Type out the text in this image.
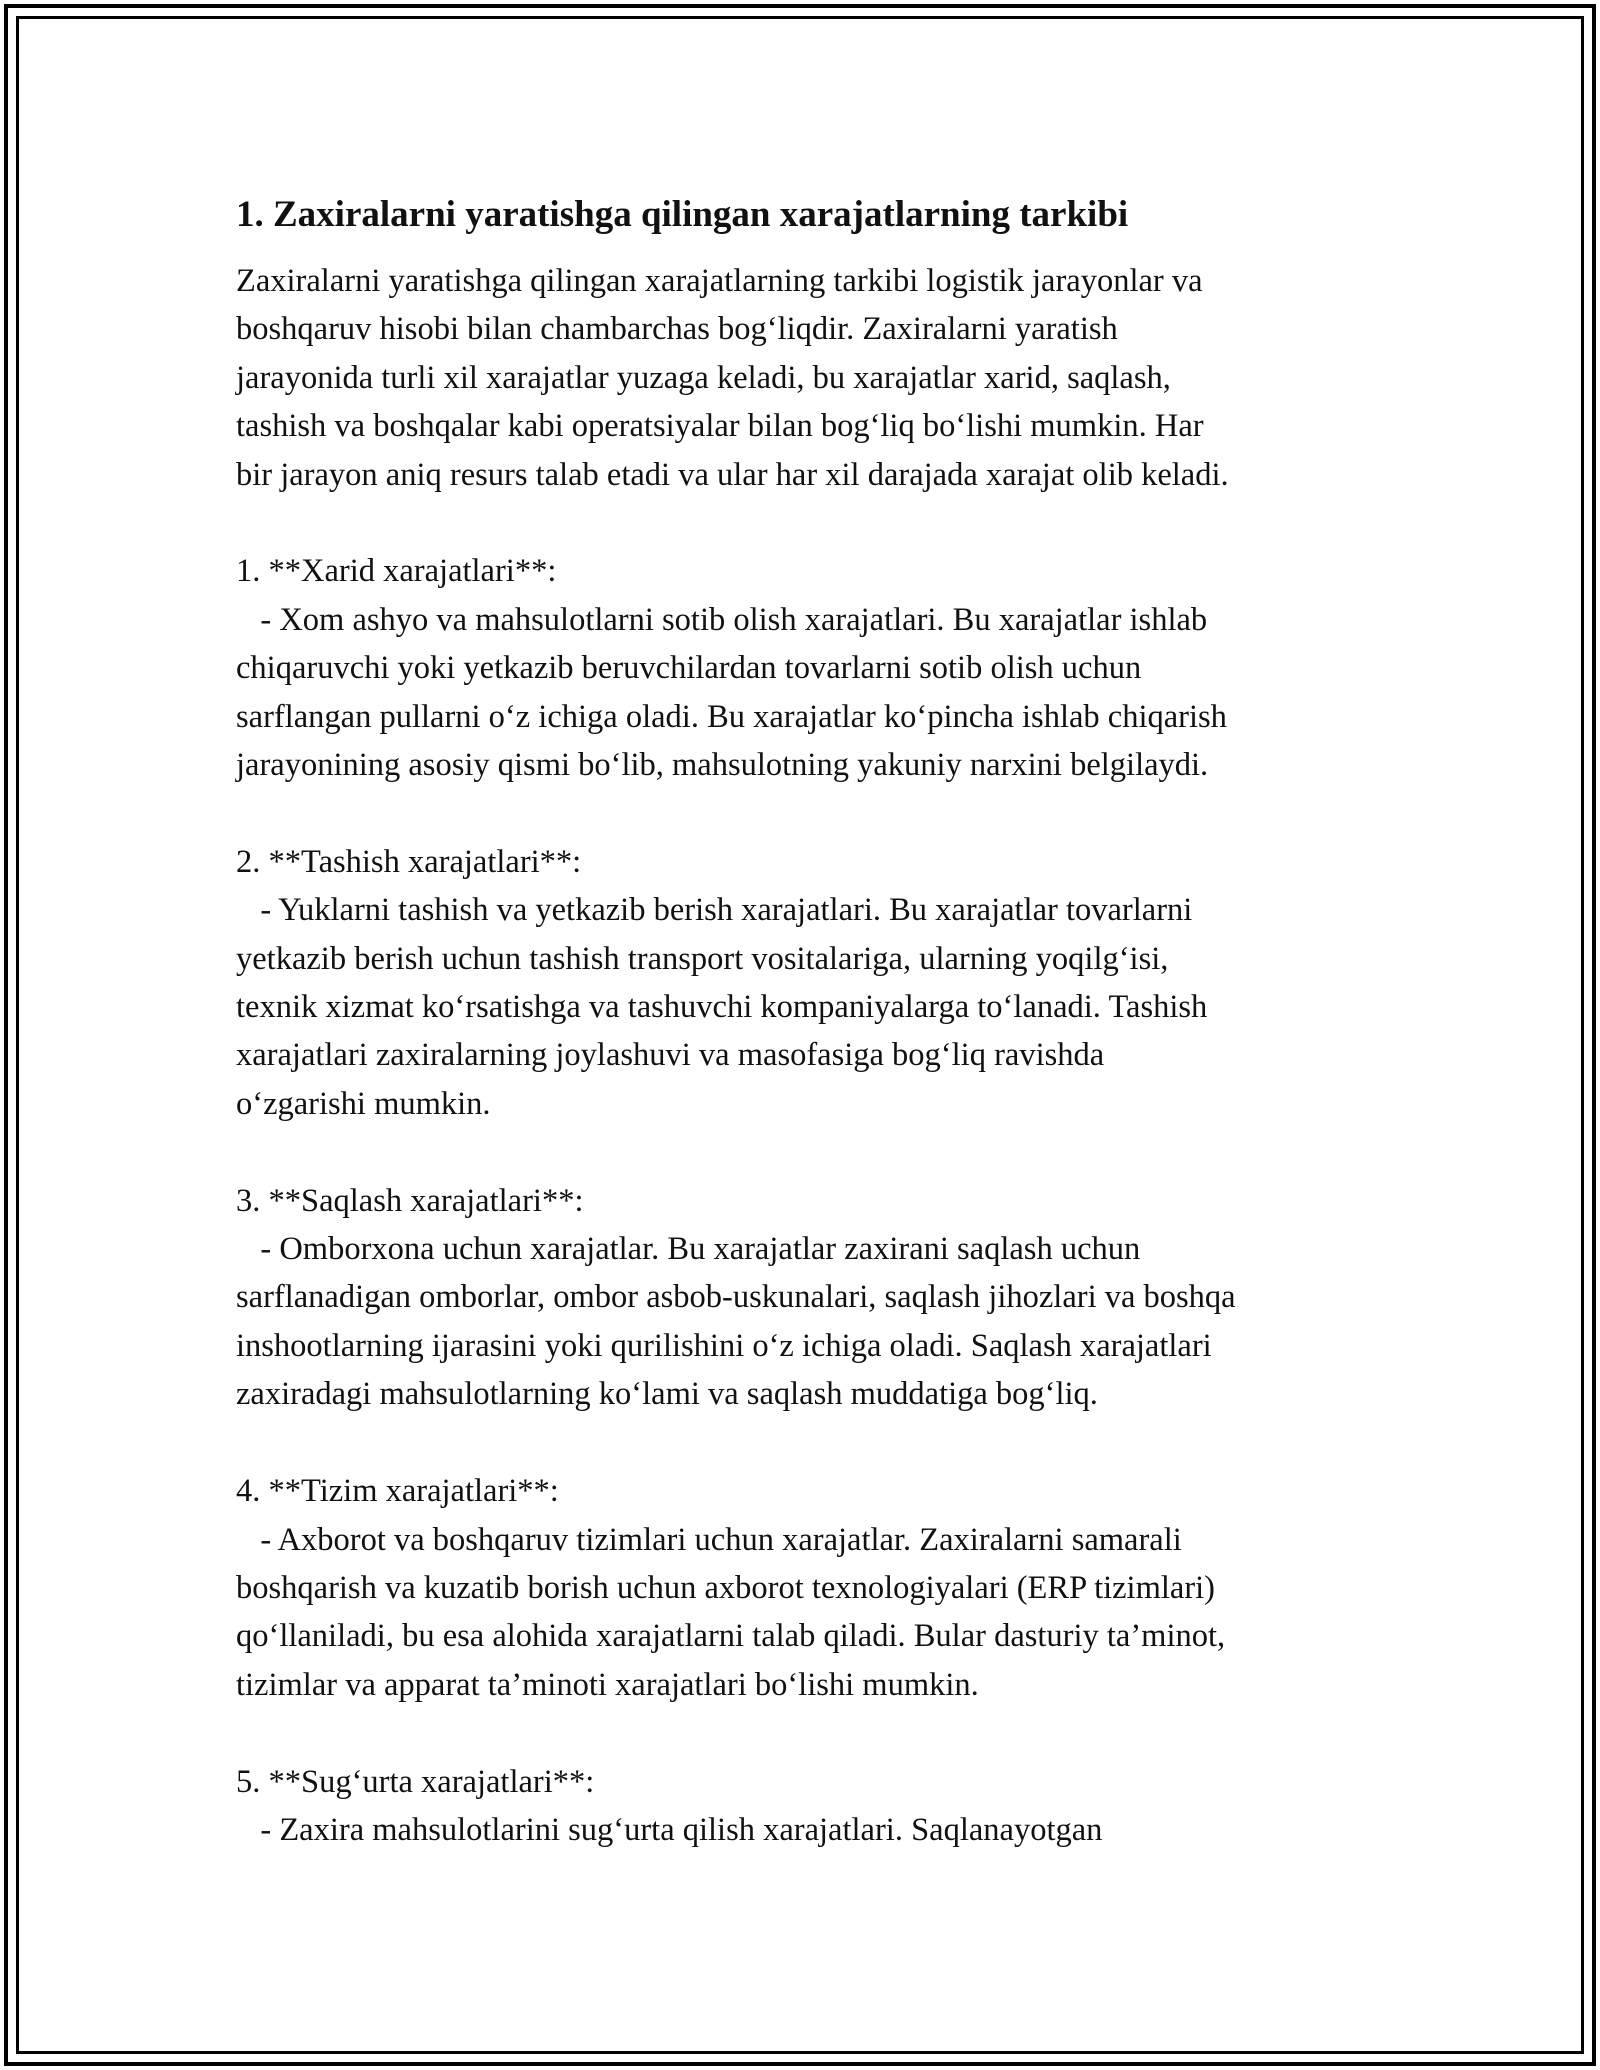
1. Zaxiralarni yaratishga qilingan xarajatlarning tarkibi

Zaxiralarni yaratishga qilingan xarajatlarning tarkibi logistik jarayonlar va
boshqaruv hisobi bilan chambarchas bog‘liqdir. Zaxiralarni yaratish
jarayonida turli xil xarajatlar yuzaga keladi, bu xarajatlar xarid, saqlash,
tashish va boshqalar kabi operatsiyalar bilan bog‘liq bo‘lishi mumkin. Har
bir jarayon aniq resurs talab etadi va ular har xil darajada xarajat olib keladi.

1. **Xarid xarajatlari**:

- Xom ashyo va mahsulotlarni sotib olish xarajatlari. Bu xarajatlar ishlab
chiqaruvchi yoki yetkazib beruvchilardan tovarlarni sotib olish uchun
sarflangan pullarni o‘z ichiga oladi. Bu xarajatlar ko‘pincha ishlab chiqarish
jarayonining asosiy qismi bo‘lib, mahsulotning yakuniy narxini belgilaydi.

2. **Tashish xarajatlari**:

- Yuklarni tashish va yetkazib berish xarajatlari. Bu xarajatlar tovarlarni
yetkazib berish uchun tashish transport vositalariga, ularning yoqilg‘isi,
texnik xizmat ko‘rsatishga va tashuvchi kompaniyalarga to‘lanadi. Tashish
xarajatlari zaxiralarning joylashuvi va masofasiga bog‘liq ravishda
o‘zgarishi mumkin.

3. **Saqlash xarajatlari**:

- Omborxona uchun xarajatlar. Bu xarajatlar zaxirani saqlash uchun
sarflanadigan omborlar, ombor asbob-uskunalari, saqlash jihozlari va boshqa
inshootlarning ijarasini yoki qurilishini o‘z ichiga oladi. Saqlash xarajatlari
zaxiradagi mahsulotlarning ko‘lami va saqlash muddatiga bog‘liq.

4. **Tizim xarajatlari**:

- Axborot va boshqaruv tizimlari uchun xarajatlar. Zaxiralarni samarali
boshqarish va kuzatib borish uchun axborot texnologiyalari (ERP tizimlari)
qo‘llaniladi, bu esa alohida xarajatlarni talab qiladi. Bular dasturiy ta’minot,
tizimlar va apparat ta’minoti xarajatlari bo‘lishi mumkin.

5. **Sug‘urta xarajatlari**:

- Zaxira mahsulotlarini sug‘urta qilish xarajatlari. Saqlanayotgan
